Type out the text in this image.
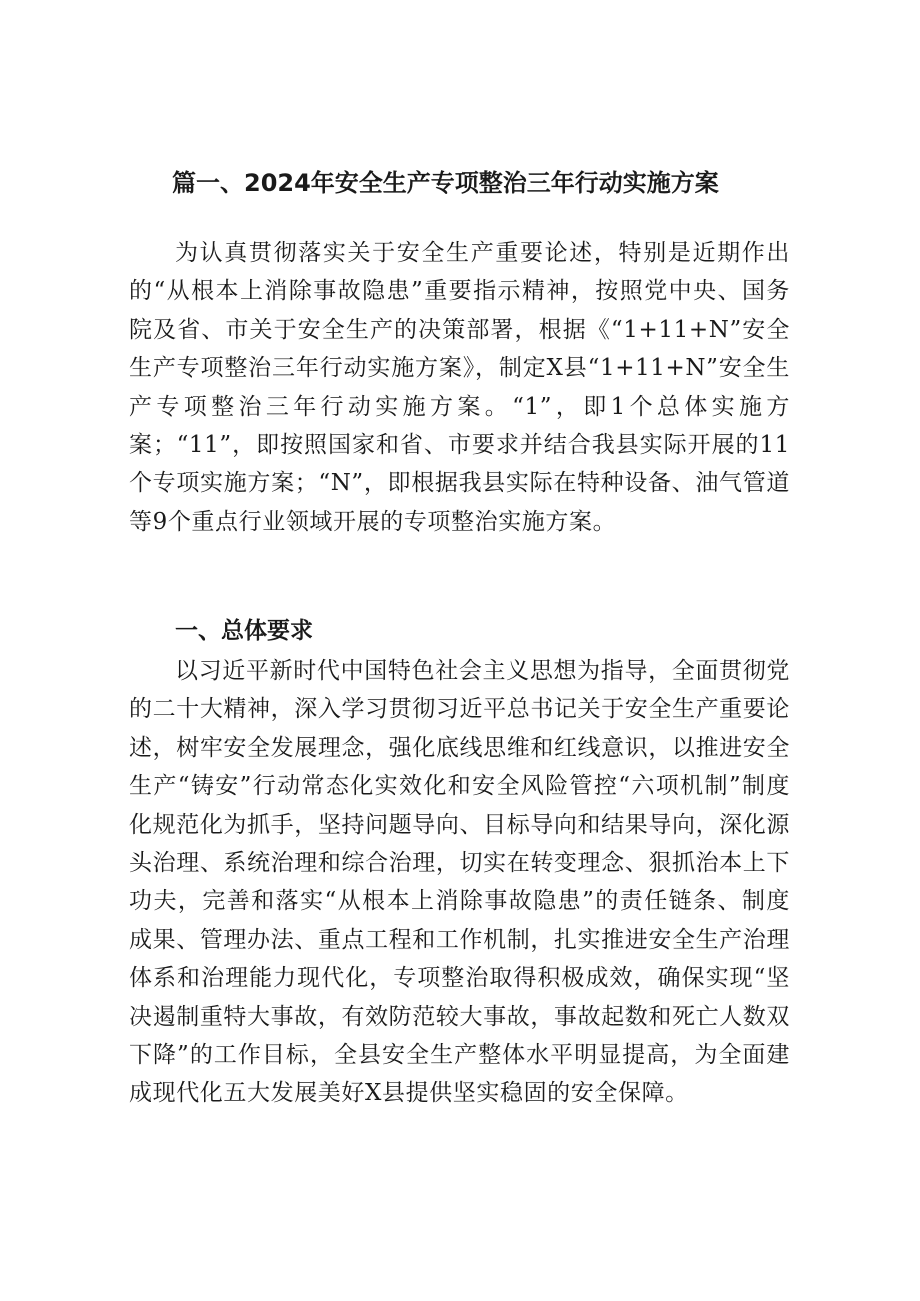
篇一、2024年安全生产专项整治三年行动实施方案

为认真贯彻落实关于安全生产重要论述，特别是近期作出的“从根本上消除事故隐患”重要指示精神，按照党中央、国务院及省、市关于安全生产的决策部署，根据《“1+11+N”安全生产专项整治三年行动实施方案》，制定X县“1+11+N”安全生产专项整治三年行动实施方案。“1”，即1个总体实施方案；“11”，即按照国家和省、市要求并结合我县实际开展的11个专项实施方案；“N”，即根据我县实际在特种设备、油气管道等9个重点行业领域开展的专项整治实施方案。

一、总体要求

以习近平新时代中国特色社会主义思想为指导，全面贯彻党的二十大精神，深入学习贯彻习近平总书记关于安全生产重要论述，树牢安全发展理念，强化底线思维和红线意识，以推进安全生产“铸安”行动常态化实效化和安全风险管控“六项机制”制度化规范化为抓手，坚持问题导向、目标导向和结果导向，深化源头治理、系统治理和综合治理，切实在转变理念、狠抓治本上下功夫，完善和落实“从根本上消除事故隐患”的责任链条、制度成果、管理办法、重点工程和工作机制，扎实推进安全生产治理体系和治理能力现代化，专项整治取得积极成效，确保实现“坚决遏制重特大事故，有效防范较大事故，事故起数和死亡人数双下降”的工作目标，全县安全生产整体水平明显提高，为全面建成现代化五大发展美好X县提供坚实稳固的安全保障。
